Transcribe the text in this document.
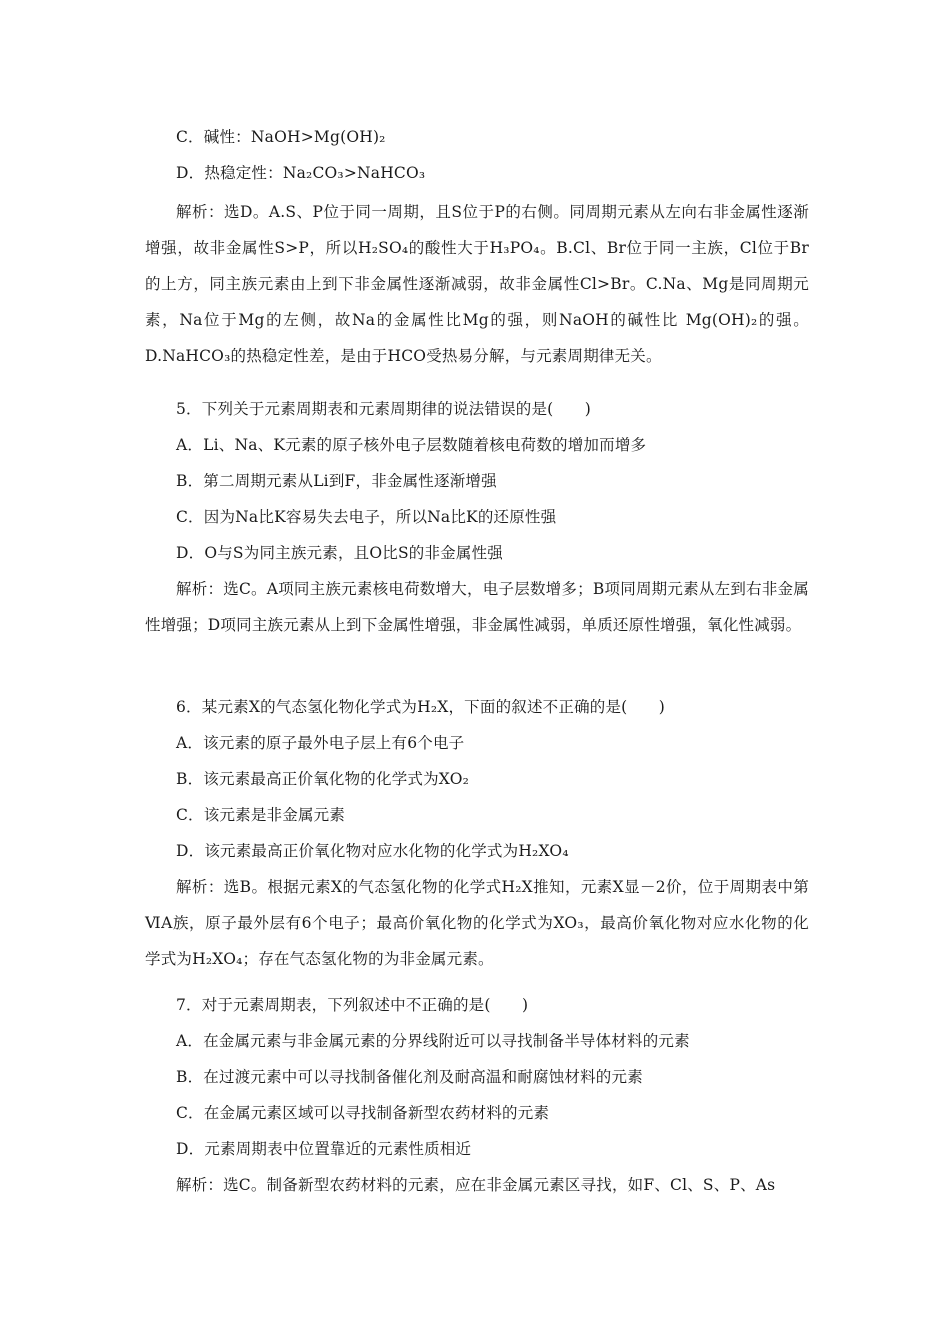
C．碱性：NaOH>Mg(OH)₂
D．热稳定性：Na₂CO₃>NaHCO₃
解析：选D。A.S、P位于同一周期，且S位于P的右侧。同周期元素从左向右非金属性逐渐增强，故非金属性S>P，所以H₂SO₄的酸性大于H₃PO₄。B.Cl、Br位于同一主族，Cl位于Br的上方，同主族元素由上到下非金属性逐渐减弱，故非金属性Cl>Br。C.Na、Mg是同周期元素，Na位于Mg的左侧，故Na的金属性比Mg的强，则NaOH的碱性比 Mg(OH)₂的强。D.NaHCO₃的热稳定性差，是由于HCO受热易分解，与元素周期律无关。
5．下列关于元素周期表和元素周期律的说法错误的是(　　)
A．Li、Na、K元素的原子核外电子层数随着核电荷数的增加而增多
B．第二周期元素从Li到F，非金属性逐渐增强
C．因为Na比K容易失去电子，所以Na比K的还原性强
D．O与S为同主族元素，且O比S的非金属性强
解析：选C。A项同主族元素核电荷数增大，电子层数增多；B项同周期元素从左到右非金属性增强；D项同主族元素从上到下金属性增强，非金属性减弱，单质还原性增强，氧化性减弱。
6．某元素X的气态氢化物化学式为H₂X，下面的叙述不正确的是(　　)
A．该元素的原子最外电子层上有6个电子
B．该元素最高正价氧化物的化学式为XO₂
C．该元素是非金属元素
D．该元素最高正价氧化物对应水化物的化学式为H₂XO₄
解析：选B。根据元素X的气态氢化物的化学式H₂X推知，元素X显－2价，位于周期表中第ⅥA族，原子最外层有6个电子；最高价氧化物的化学式为XO₃，最高价氧化物对应水化物的化学式为H₂XO₄；存在气态氢化物的为非金属元素。
7．对于元素周期表，下列叙述中不正确的是(　　)
A．在金属元素与非金属元素的分界线附近可以寻找制备半导体材料的元素
B．在过渡元素中可以寻找制备催化剂及耐高温和耐腐蚀材料的元素
C．在金属元素区域可以寻找制备新型农药材料的元素
D．元素周期表中位置靠近的元素性质相近
解析：选C。制备新型农药材料的元素，应在非金属元素区寻找，如F、Cl、S、P、As
